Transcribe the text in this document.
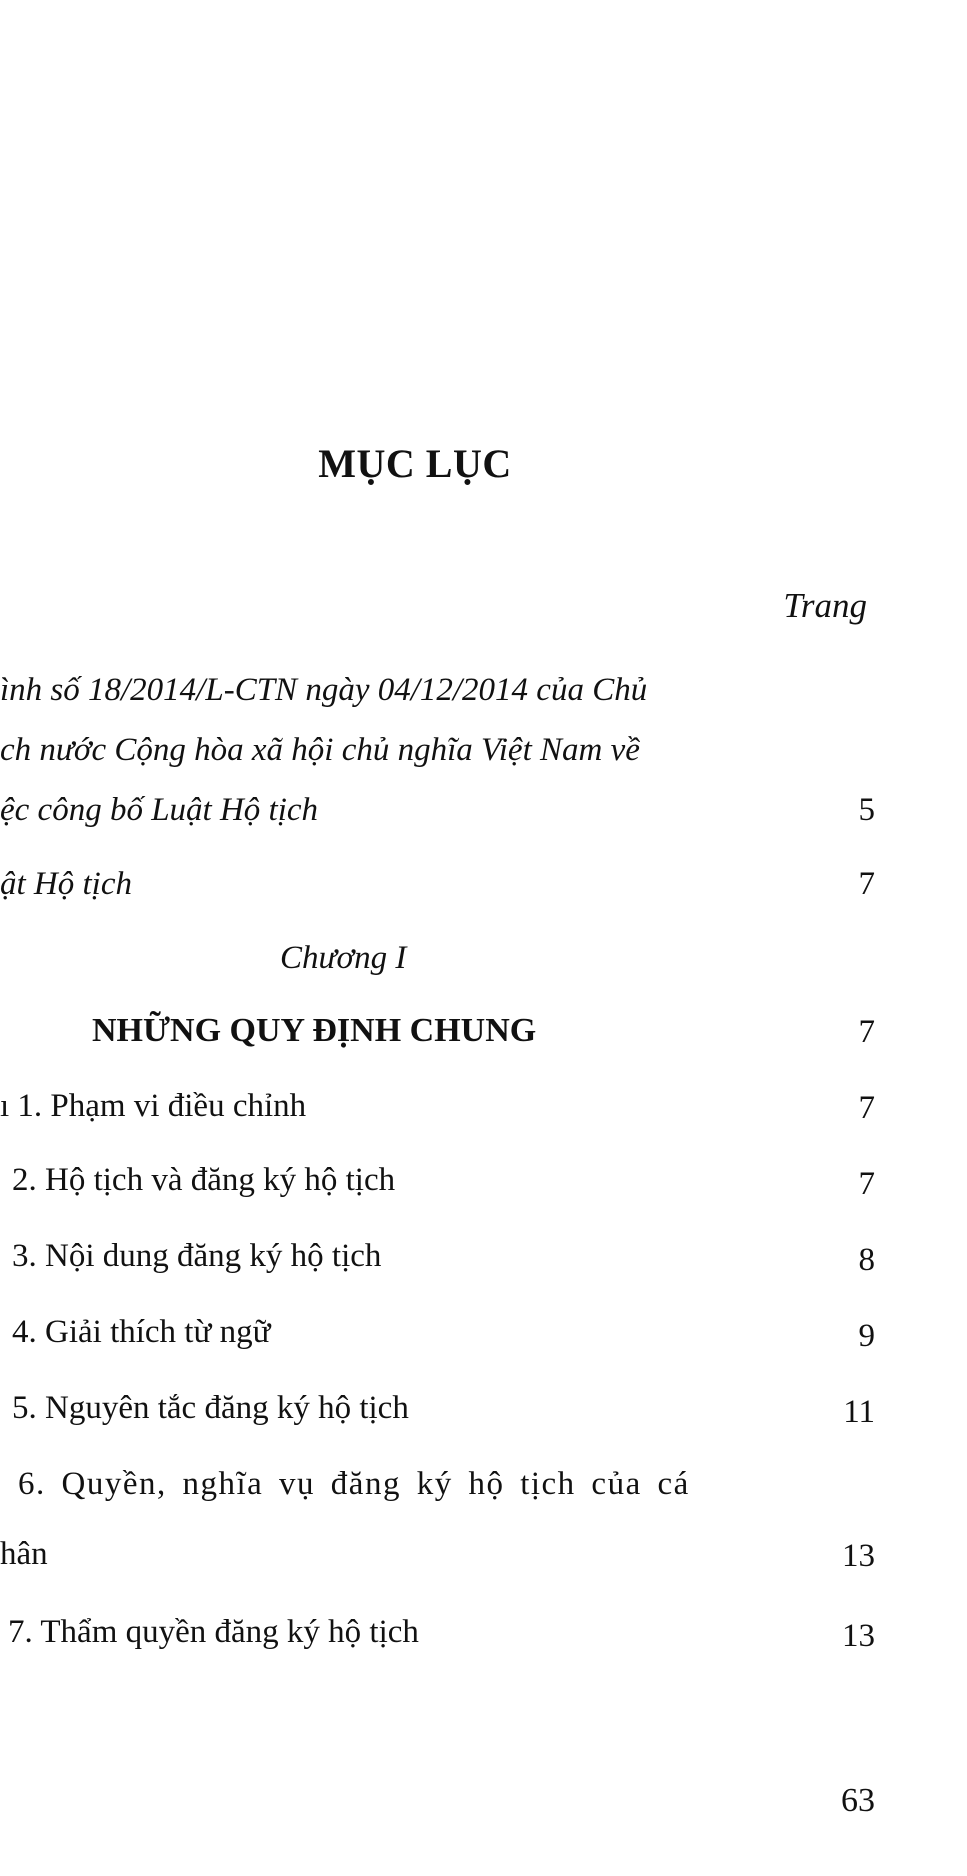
MỤC LỤC
Trang
ình số 18/2014/L-CTN ngày 04/12/2014 của Chủ
ch nước Cộng hòa xã hội chủ nghĩa Việt Nam về
ệc công bố Luật Hộ tịch	5
ật Hộ tịch	7
Chương I
NHỮNG QUY ĐỊNH CHUNG	7
ı 1. Phạm vi điều chỉnh	7
2. Hộ tịch và đăng ký hộ tịch	7
3. Nội dung đăng ký hộ tịch	8
4. Giải thích từ ngữ	9
5. Nguyên tắc đăng ký hộ tịch	11
6. Quyền, nghĩa vụ đăng ký hộ tịch của cá
hân	13
7. Thẩm quyền đăng ký hộ tịch	13
63
